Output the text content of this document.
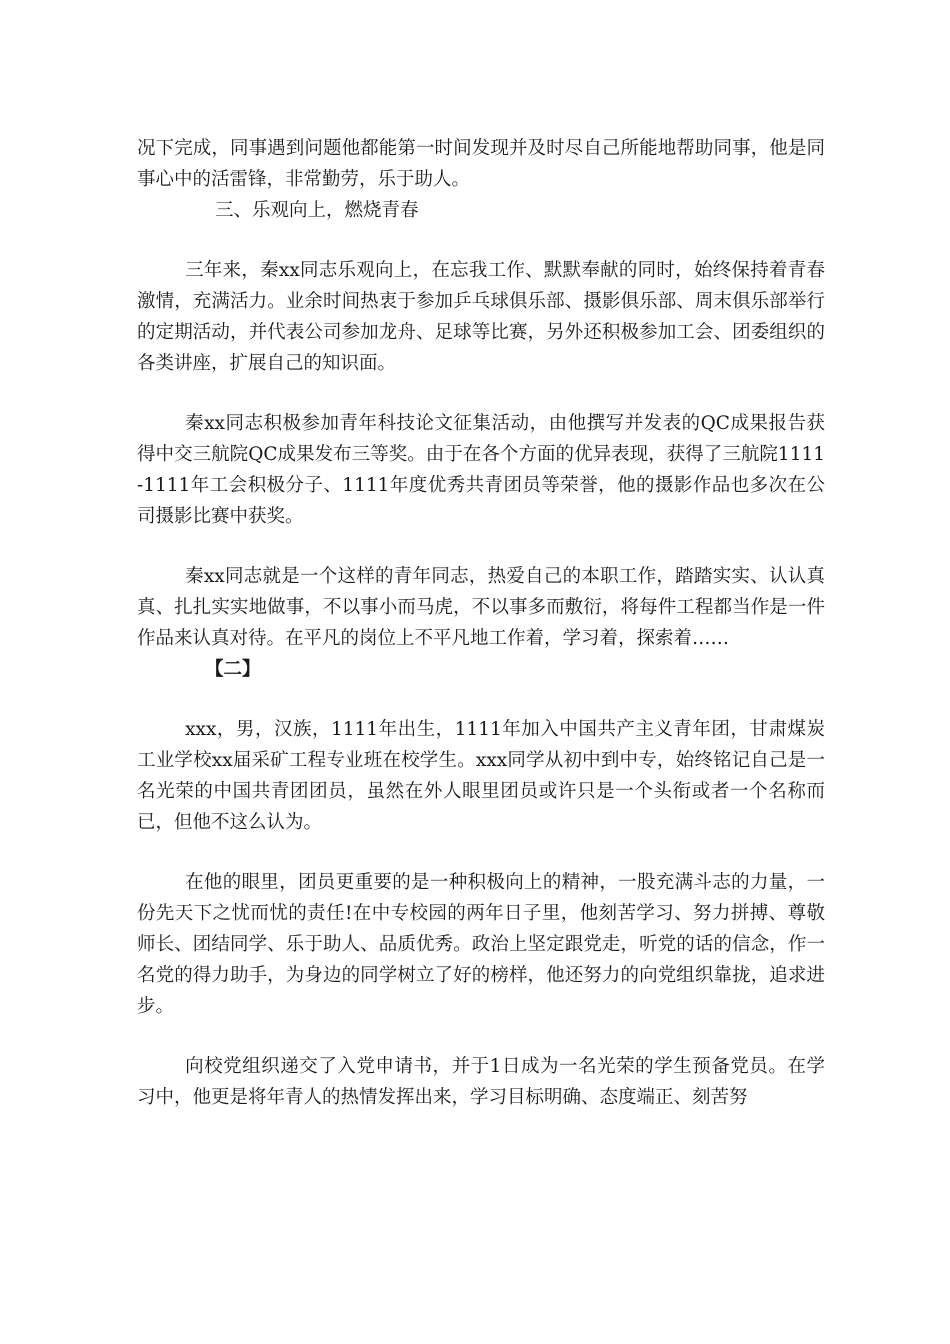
况下完成，同事遇到问题他都能第一时间发现并及时尽自己所能地帮助同事，他是同事心中的活雷锋，非常勤劳，乐于助人。

三、乐观向上，燃烧青春

三年来，秦xx同志乐观向上，在忘我工作、默默奉献的同时，始终保持着青春激情，充满活力。业余时间热衷于参加乒乓球俱乐部、摄影俱乐部、周末俱乐部举行的定期活动，并代表公司参加龙舟、足球等比赛，另外还积极参加工会、团委组织的各类讲座，扩展自己的知识面。

秦xx同志积极参加青年科技论文征集活动，由他撰写并发表的QC成果报告获得中交三航院QC成果发布三等奖。由于在各个方面的优异表现，获得了三航院1111-1111年工会积极分子、1111年度优秀共青团员等荣誉，他的摄影作品也多次在公司摄影比赛中获奖。

秦xx同志就是一个这样的青年同志，热爱自己的本职工作，踏踏实实、认认真真、扎扎实实地做事，不以事小而马虎，不以事多而敷衍，将每件工程都当作是一件作品来认真对待。在平凡的岗位上不平凡地工作着，学习着，探索着……

【二】

xxx，男，汉族，1111年出生，1111年加入中国共产主义青年团，甘肃煤炭工业学校xx届采矿工程专业班在校学生。xxx同学从初中到中专，始终铭记自己是一名光荣的中国共青团团员，虽然在外人眼里团员或许只是一个头衔或者一个名称而已，但他不这么认为。

在他的眼里，团员更重要的是一种积极向上的精神，一股充满斗志的力量，一份先天下之忧而忧的责任!在中专校园的两年日子里，他刻苦学习、努力拼搏、尊敬师长、团结同学、乐于助人、品质优秀。政治上坚定跟党走，听党的话的信念，作一名党的得力助手，为身边的同学树立了好的榜样，他还努力的向党组织靠拢，追求进步。

向校党组织递交了入党申请书，并于1日成为一名光荣的学生预备党员。在学习中，他更是将年青人的热情发挥出来，学习目标明确、态度端正、刻苦努
